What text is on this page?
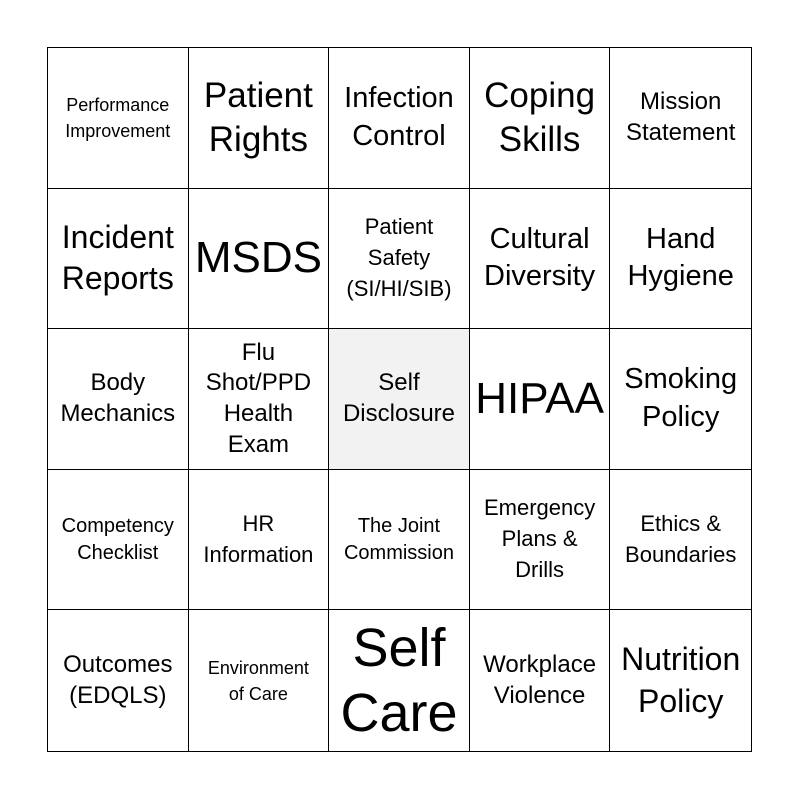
Performance
Improvement
Patient
Rights
Infection
Control
Coping
Skills
Mission
Statement
Incident
Reports MSDS
Patient
Safety
(SI/HI/SIB)
Cultural
Diversity
Hand
Hygiene
Body
Mechanics
Flu
Shot/PPD
Health
Exam
Self
Disclosure HIPAA Smoking
Policy
Competency
Checklist
HR
Information
The Joint
Commission
Emergency
Plans &
Drills
Ethics &
Boundaries
Outcomes
(EDQLS)
Environment
of Care
Self
Care
Workplace
Violence
Nutrition
Policy
